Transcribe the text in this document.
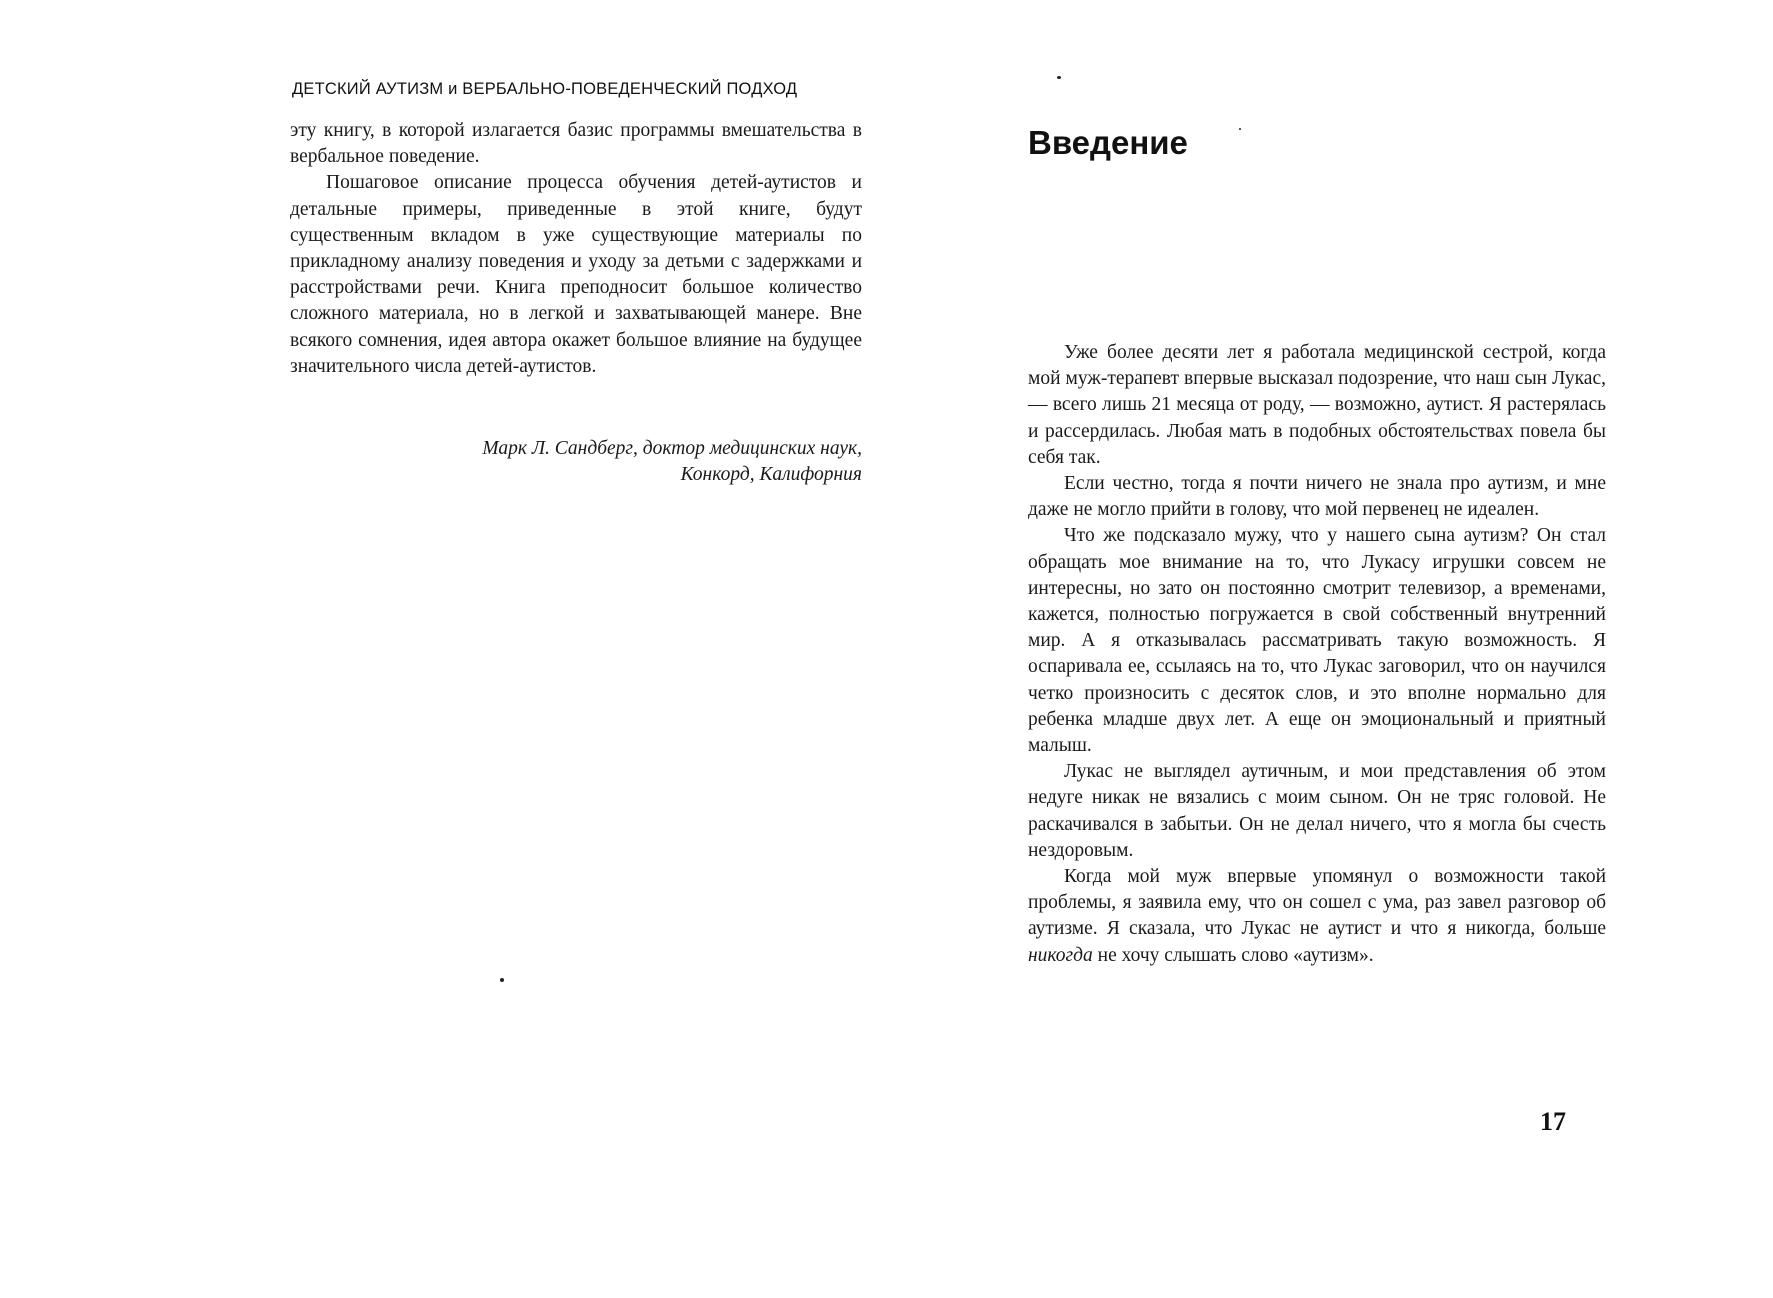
ДЕТСКИЙ АУТИЗМ и ВЕРБАЛЬНО-ПОВЕДЕНЧЕСКИЙ ПОДХОД

эту книгу, в которой излагается базис программы вмешательства в вербальное поведение.

Пошаговое описание процесса обучения детей-аутистов и детальные примеры, приведенные в этой книге, будут существенным вкладом в уже существующие материалы по прикладному анализу поведения и уходу за детьми с задержками и расстройствами речи. Книга преподносит большое количество сложного материала, но в легкой и захватывающей манере. Вне всякого сомнения, идея автора окажет большое влияние на будущее значительного числа детей-аутистов.

Марк Л. Сандберг, доктор медицинских наук,
Конкорд, Калифорния
Введение

Уже более десяти лет я работала медицинской сестрой, когда мой муж-терапевт впервые высказал подозрение, что наш сын Лукас,— всего лишь 21 месяца от роду, — возможно, аутист. Я растерялась и рассердилась. Любая мать в подобных обстоятельствах повела бы себя так.

Если честно, тогда я почти ничего не знала про аутизм, и мне даже не могло прийти в голову, что мой первенец не идеален.

Что же подсказало мужу, что у нашего сына аутизм? Он стал обращать мое внимание на то, что Лукасу игрушки совсем не интересны, но зато он постоянно смотрит телевизор, а временами, кажется, полностью погружается в свой собственный внутренний мир. А я отказывалась рассматривать такую возможность. Я оспаривала ее, ссылаясь на то, что Лукас заговорил, что он научился четко произносить с десяток слов, и это вполне нормально для ребенка младше двух лет. А еще он эмоциональный и приятный малыш.

Лукас не выглядел аутичным, и мои представления об этом недуге никак не вязались с моим сыном. Он не тряс головой. Не раскачивался в забытьи. Он не делал ничего, что я могла бы счесть нездоровым.

Когда мой муж впервые упомянул о возможности такой проблемы, я заявила ему, что он сошел с ума, раз завел разговор об аутизме. Я сказала, что Лукас не аутист и что я никогда, больше никогда не хочу слышать слово «аутизм».

17
